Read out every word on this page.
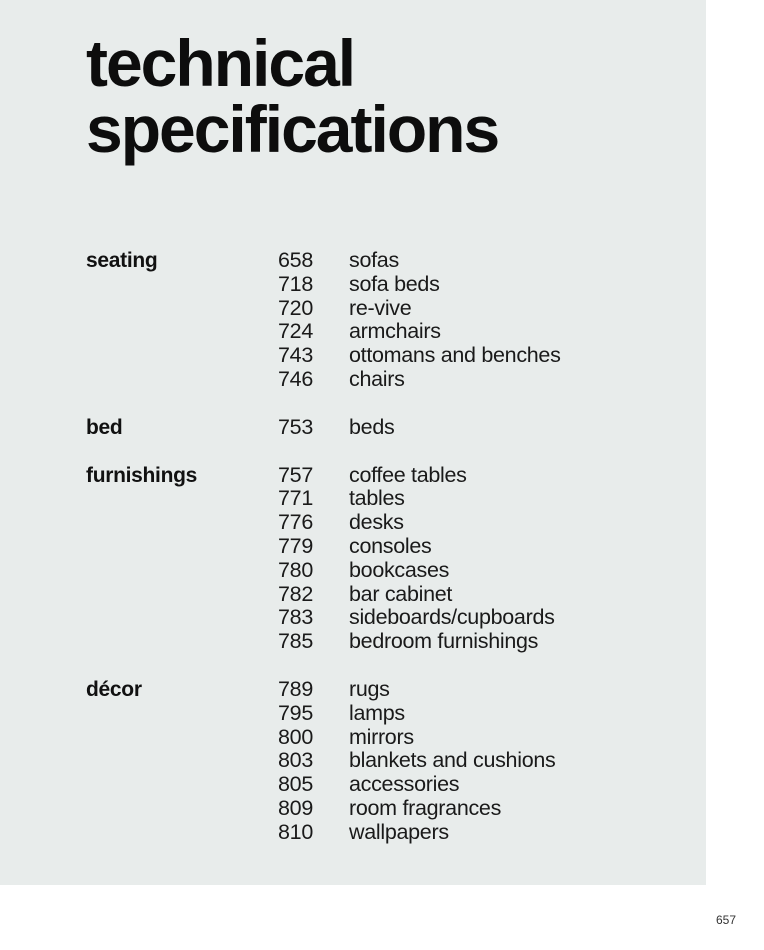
technical
specifications
seating	658	sofas
718	sofa beds
720	re-vive
724	armchairs
743	ottomans and benches
746	chairs
bed	753	beds
furnishings	757	coffee tables
771	tables
776	desks
779	consoles
780	bookcases
782	bar cabinet
783	sideboards/cupboards
785	bedroom furnishings
décor	789	rugs
795	lamps
800	mirrors
803	blankets and cushions
805	accessories
809	room fragrances
810	wallpapers
657
